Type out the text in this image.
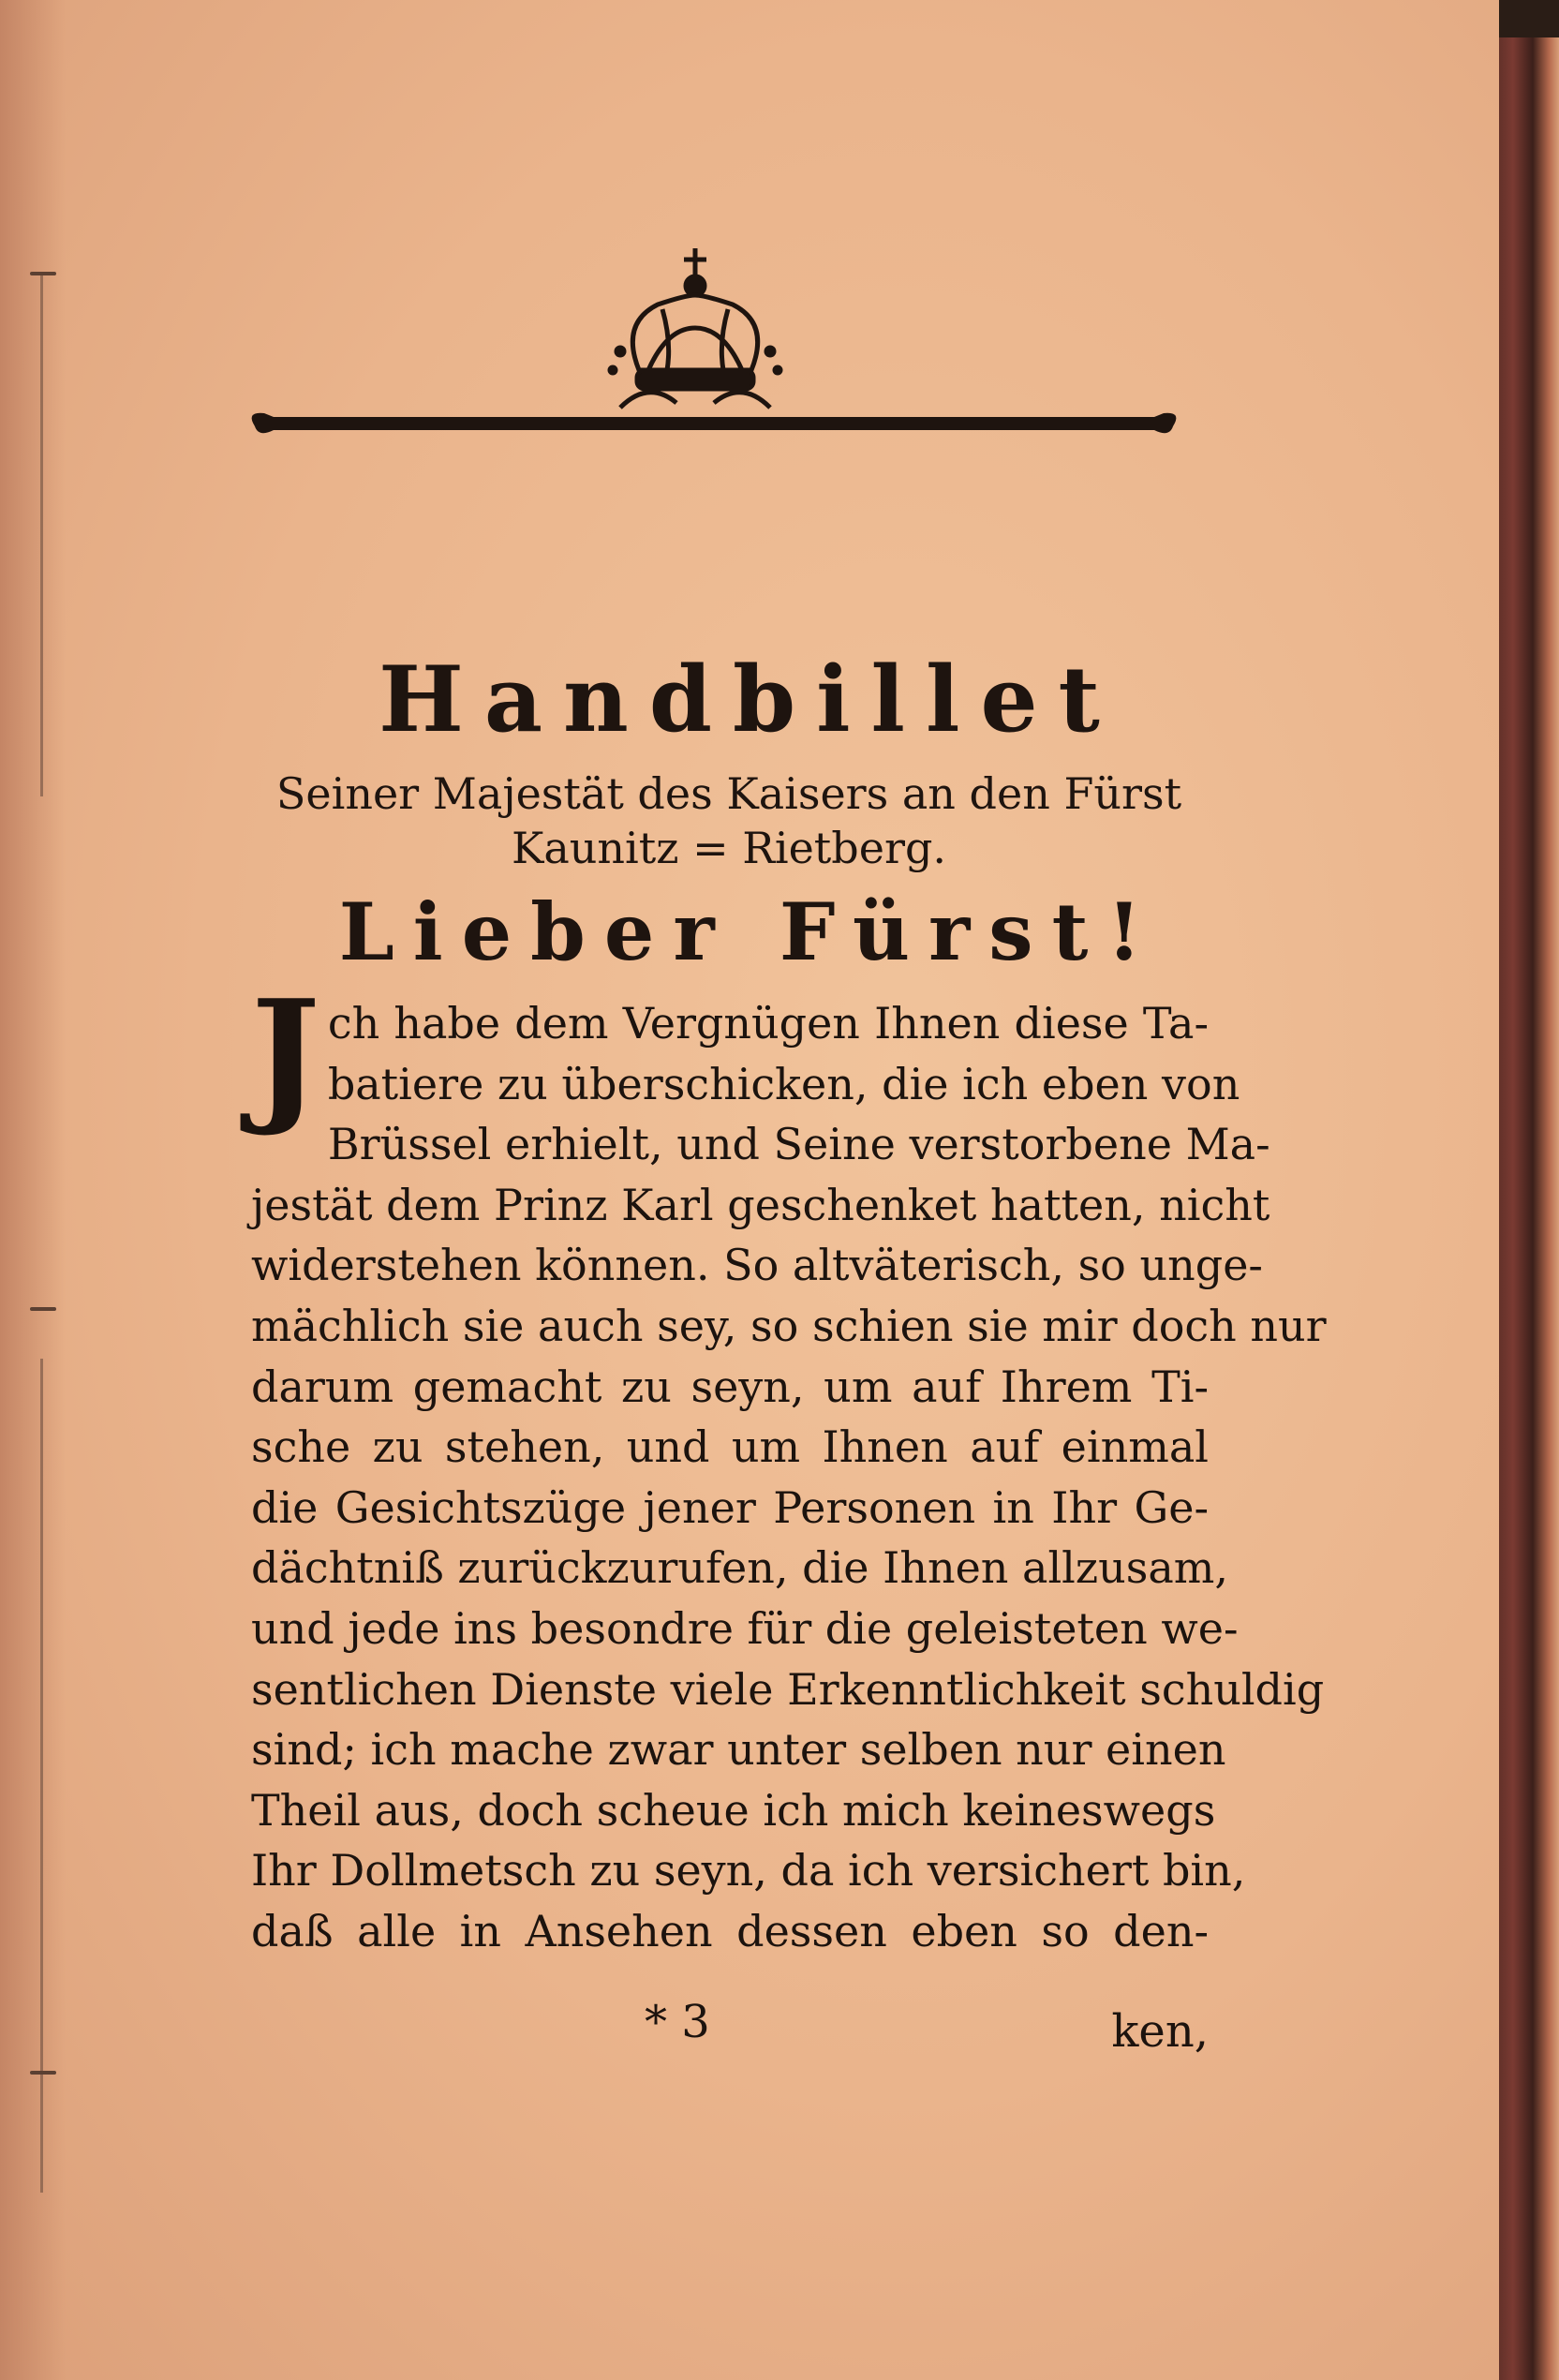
Handbillet
Seiner Majestät des Kaisers an den Fürst
Kaunitz = Rietberg.
Lieber Fürst!
J ch habe dem Vergnügen Ihnen diese Ta-
batiere zu überschicken, die ich eben von
Brüssel erhielt, und Seine verstorbene Ma-
jestät dem Prinz Karl geschenket hatten, nicht
widerstehen können. So altväterisch, so unge-
mächlich sie auch sey, so schien sie mir doch nur
darum gemacht zu seyn, um auf Ihrem Ti-
sche zu stehen, und um Ihnen auf einmal
die Gesichtszüge jener Personen in Ihr Ge-
dächtniß zurückzurufen, die Ihnen allzusam,
und jede ins besondre für die geleisteten we-
sentlichen Dienste viele Erkenntlichkeit schuldig
sind; ich mache zwar unter selben nur einen
Theil aus, doch scheue ich mich keineswegs
Ihr Dollmetsch zu seyn, da ich versichert bin,
daß alle in Ansehen dessen eben so den-
* 3	ken,
